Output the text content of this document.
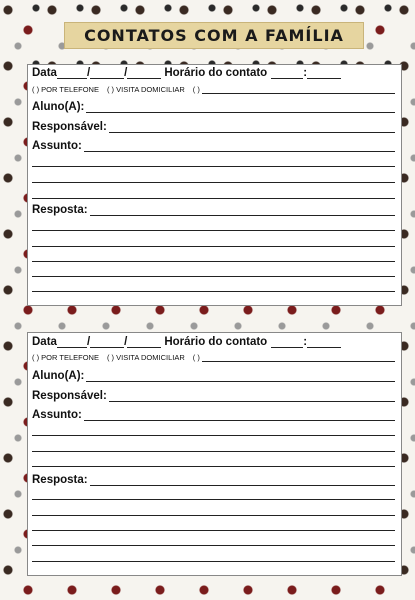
CONTATOS COM A FAMÍLIA
Data	/	/	Horário do contato	:
( ) POR TELEFONE ( ) VISITA DOMICILIAR ( )
Aluno(A):
Responsável:
Assunto:
Resposta:
Data	/	/	Horário do contato	:
( ) POR TELEFONE ( ) VISITA DOMICILIAR ( )
Aluno(A):
Responsável:
Assunto:
Resposta:
